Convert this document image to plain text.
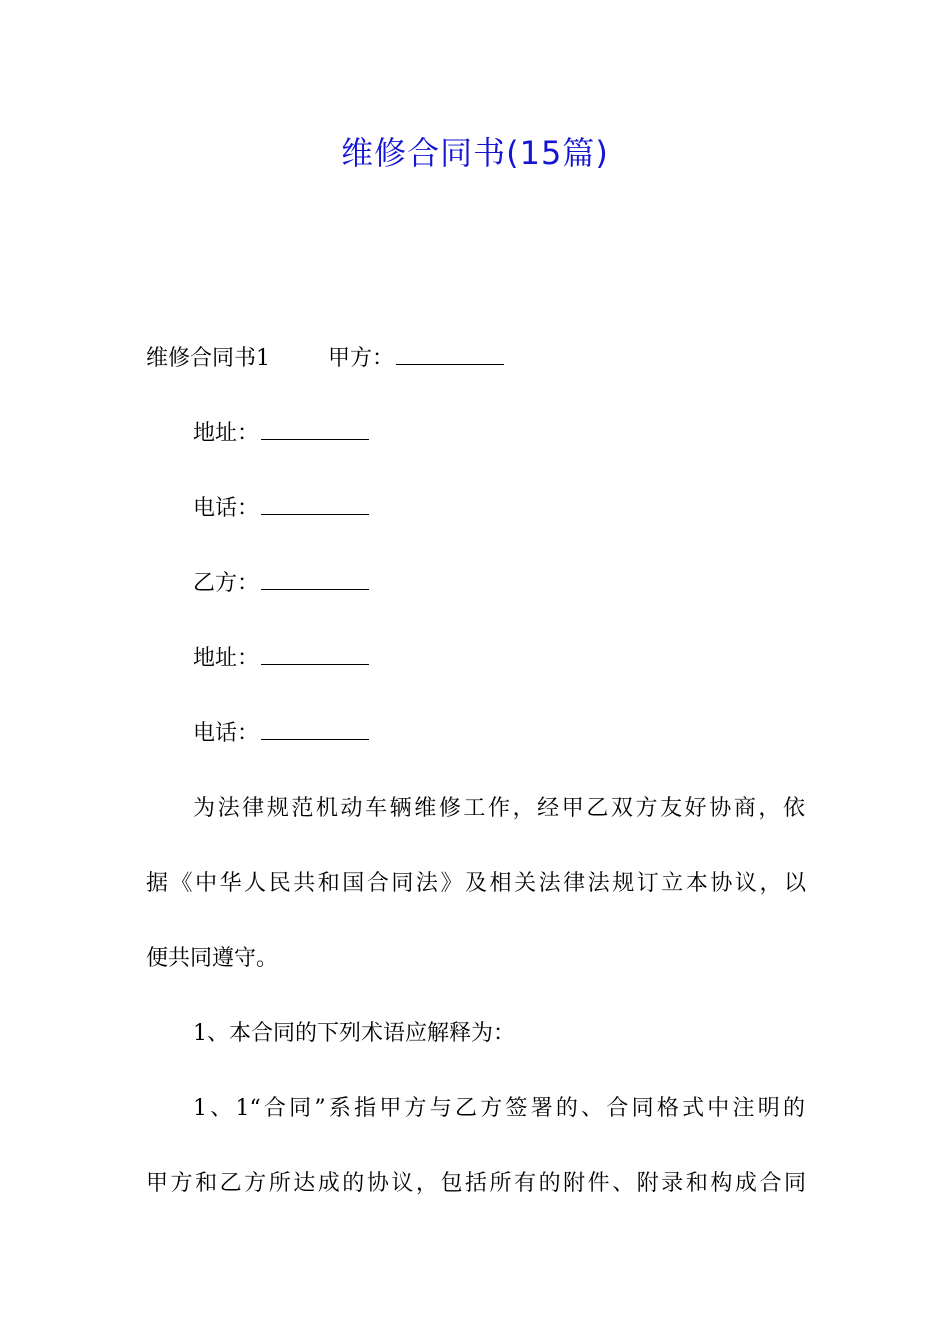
维修合同书(15篇)
维修合同书1	甲方：
地址：
电话：
乙方：
地址：
电话：
为法律规范机动车辆维修工作，经甲乙双方友好协商，依
据《中华人民共和国合同法》及相关法律法规订立本协议，以
便共同遵守。
1、本合同的下列术语应解释为：
1、1“合同”系指甲方与乙方签署的、合同格式中注明的
甲方和乙方所达成的协议，包括所有的附件、附录和构成合同
